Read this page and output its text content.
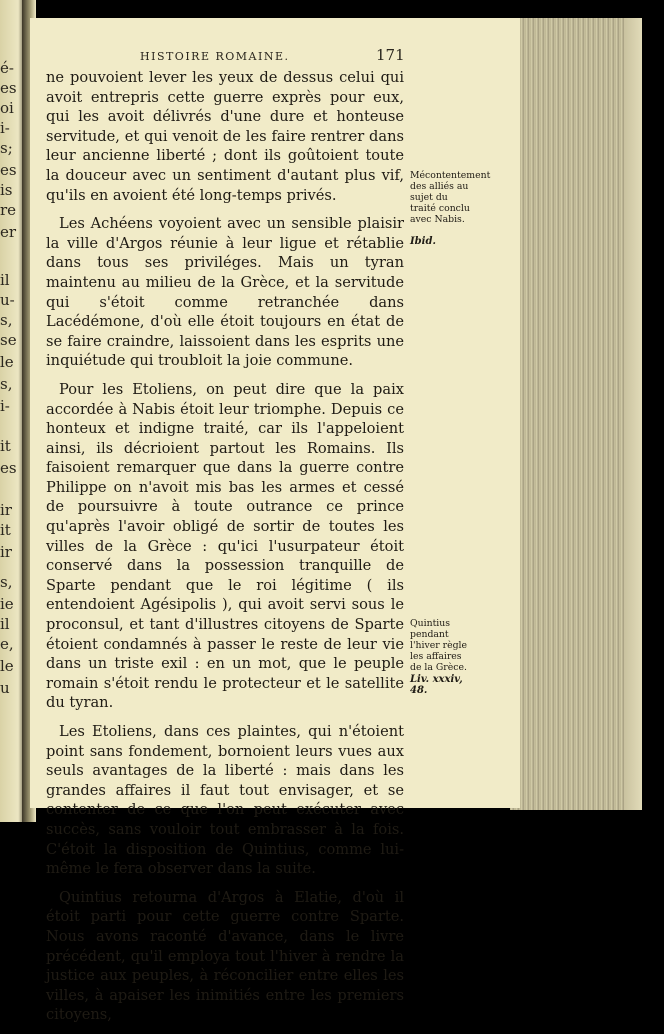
é-
es
oi
i-
s;
es
is
re
er
il
u-
s,
se
le
s,
i-
it
es
ir
it
ir
s,
ie
il
e,
le
u
HISTOIRE ROMAINE.	171

ne pouvoient lever les yeux de dessus celui qui avoit entrepris cette guerre exprès pour eux, qui les avoit délivrés d'une dure et honteuse servitude, et qui venoit de les faire rentrer dans leur ancienne liberté ; dont ils goûtoient toute la douceur avec un sentiment d'autant plus vif, qu'ils en avoient été long-temps privés.

Les Achéens voyoient avec un sensible plaisir la ville d'Argos réunie à leur ligue et rétablie dans tous ses priviléges. Mais un tyran maintenu au milieu de la Grèce, et la servitude qui s'étoit comme retranchée dans Lacédémone, d'où elle étoit toujours en état de se faire craindre, laissoient dans les esprits une inquiétude qui troubloit la joie commune.

Pour les Etoliens, on peut dire que la paix accordée à Nabis étoit leur triomphe. Depuis ce honteux et indigne traité, car ils l'appeloient ainsi, ils décrioient partout les Romains. Ils faisoient remarquer que dans la guerre contre Philippe on n'avoit mis bas les armes et cessé de poursuivre à toute outrance ce prince qu'après l'avoir obligé de sortir de toutes les villes de la Grèce : qu'ici l'usurpateur étoit conservé dans la possession tranquille de Sparte pendant que le roi légitime ( ils entendoient Agésipolis ), qui avoit servi sous le proconsul, et tant d'illustres citoyens de Sparte étoient condamnés à passer le reste de leur vie dans un triste exil : en un mot, que le peuple romain s'étoit rendu le protecteur et le satellite du tyran.

Les Etoliens, dans ces plaintes, qui n'étoient point sans fondement, bornoient leurs vues aux seuls avantages de la liberté : mais dans les grandes affaires il faut tout envisager, et se contenter de ce que l'on peut exécuter avec succès, sans vouloir tout embrasser à la fois. C'étoit la disposition de Quintius, comme lui-même le fera observer dans la suite.

Quintius retourna d'Argos à Elatie, d'où il étoit parti pour cette guerre contre Sparte. Nous avons raconté d'avance, dans le livre précédent, qu'il employa tout l'hiver à rendre la justice aux peuples, à réconcilier entre elles les villes, à apaiser les inimitiés entre les premiers citoyens,

Mécontentement des alliés au sujet du traité conclu avec Nabis.
Ibid.
Quintius pendant l'hiver règle les affaires de la Grèce.
Liv. xxxiv, 48.
